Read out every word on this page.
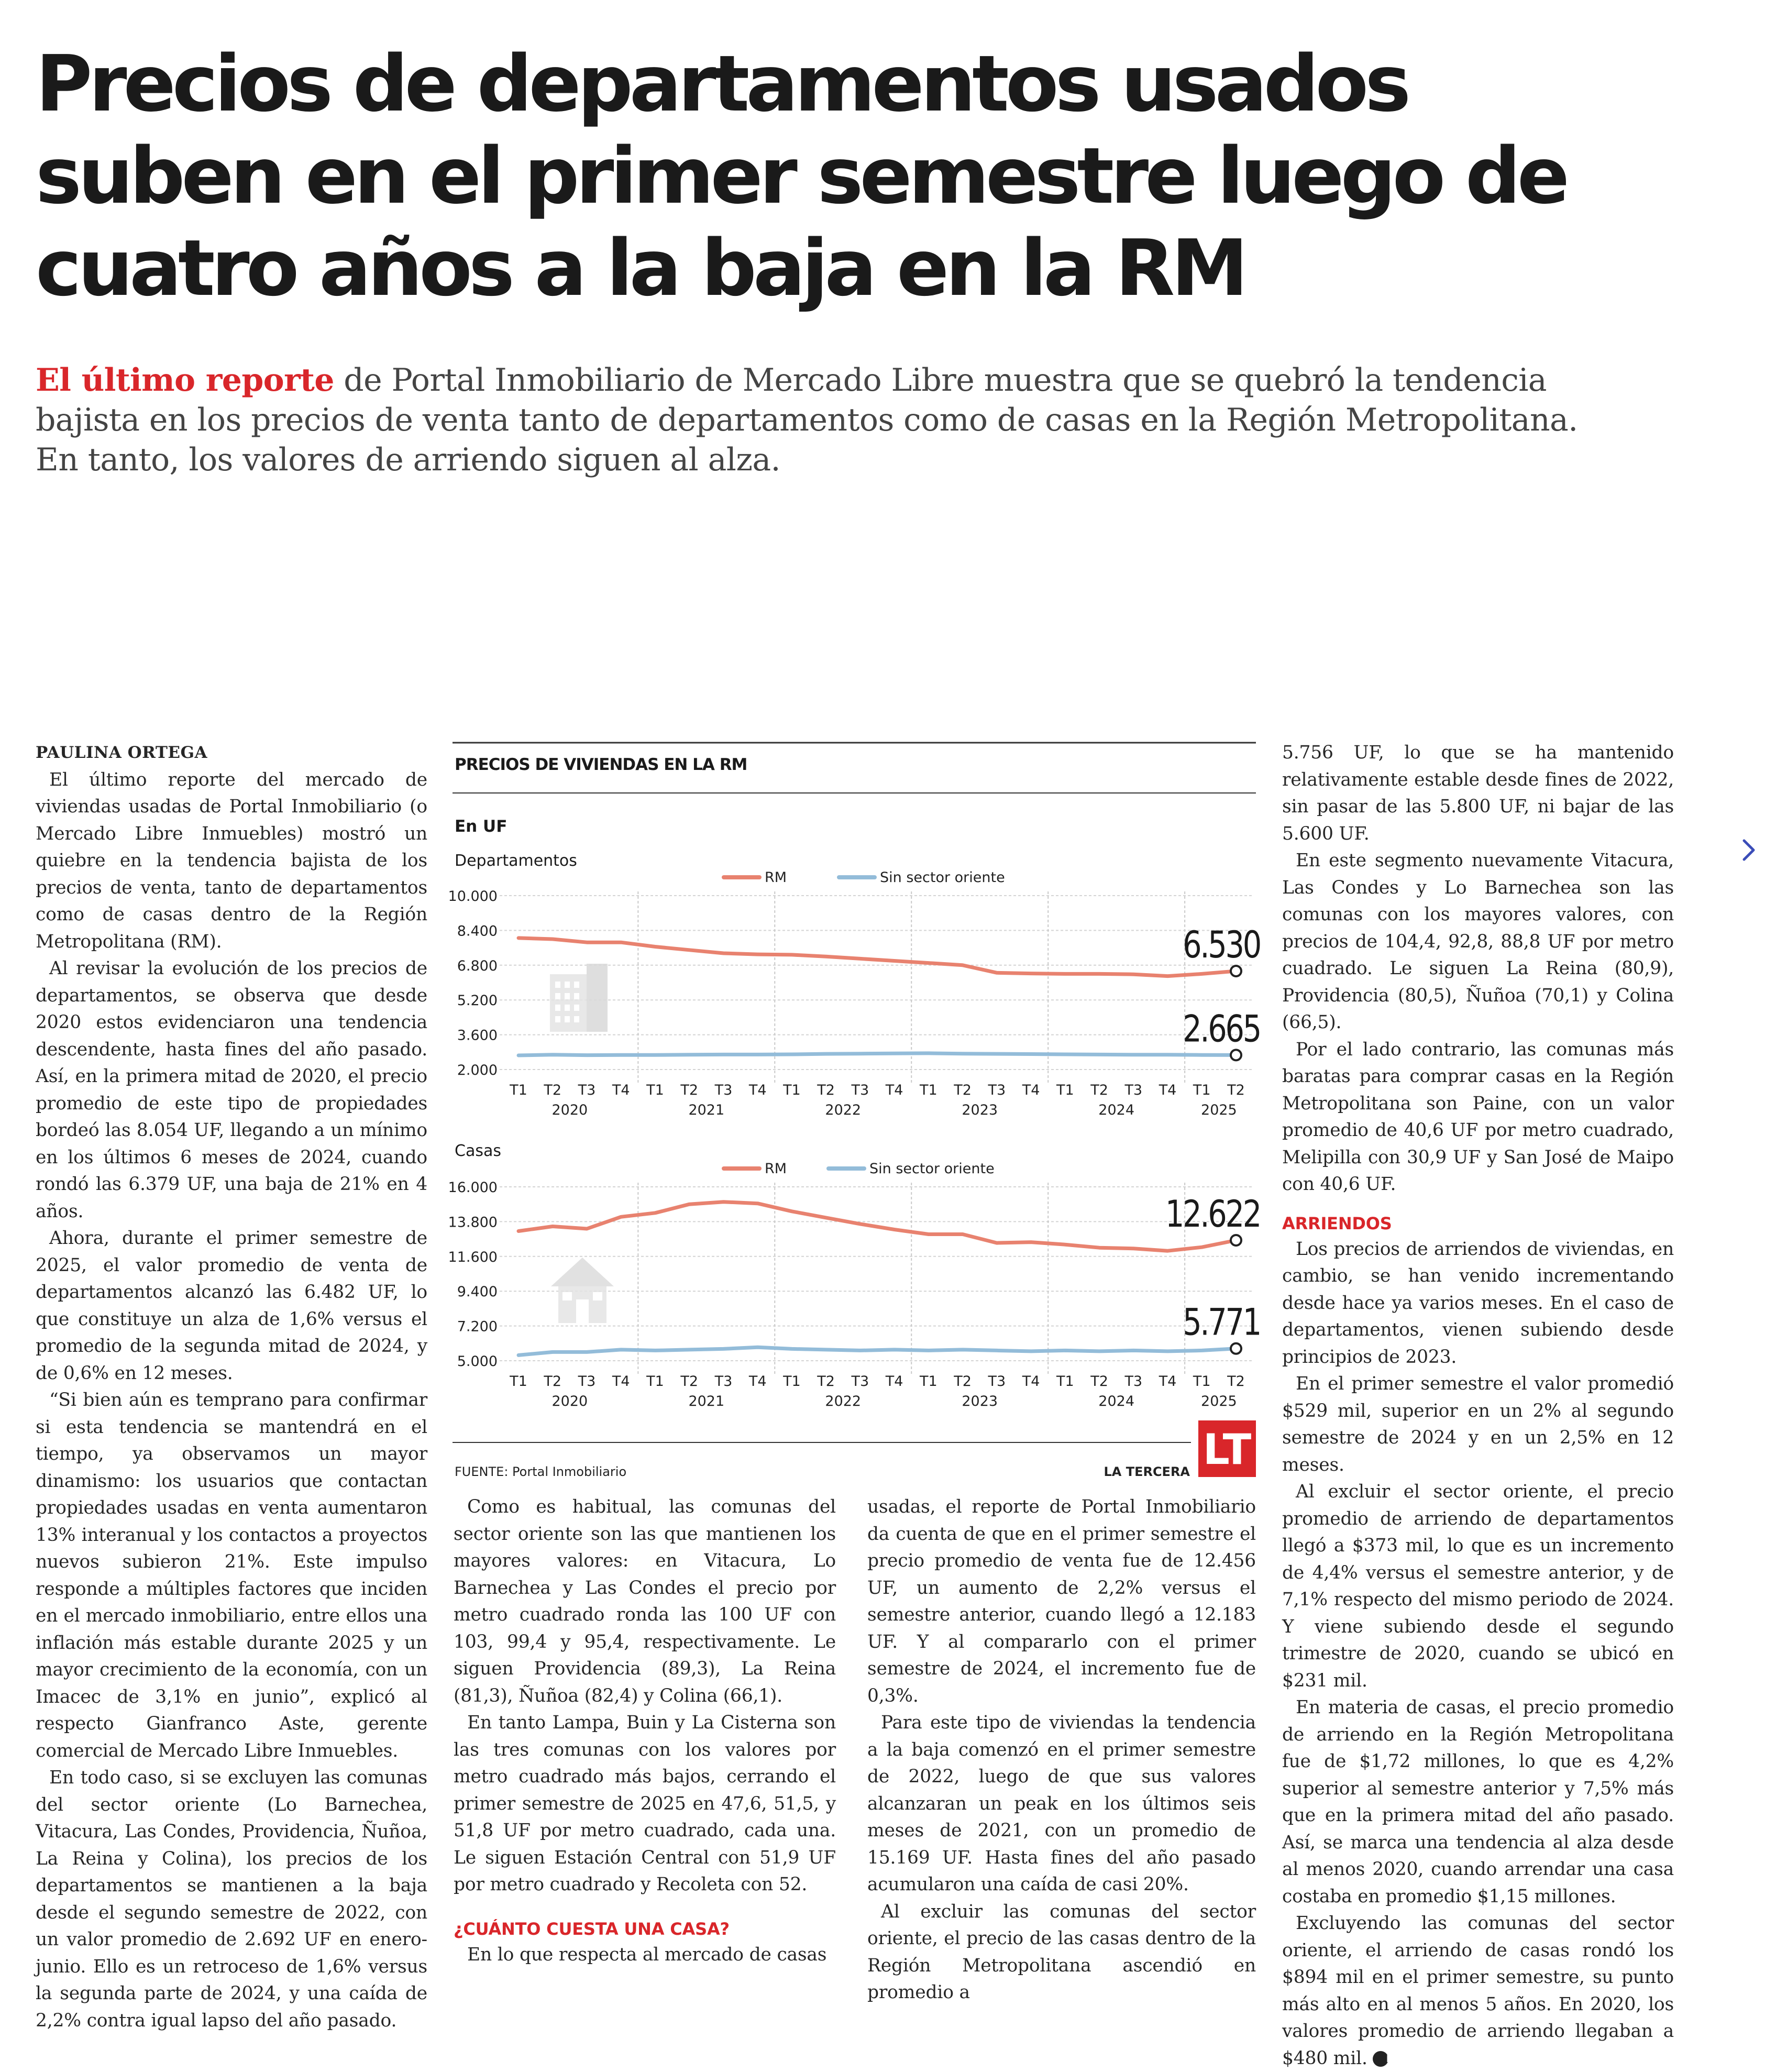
Precios de departamentos usados suben en el primer semestre luego de cuatro años a la baja en la RM
El último reporte de Portal Inmobiliario de Mercado Libre muestra que se quebró la tendencia bajista en los precios de venta tanto de departamentos como de casas en la Región Metropolitana. En tanto, los valores de arriendo siguen al alza.

PAULINA ORTEGA

El último reporte del mercado de viviendas usadas de Portal Inmobiliario (o Mercado Libre Inmuebles) mostró un quiebre en la tendencia bajista de los precios de venta, tanto de departamentos como de casas dentro de la Región Metropolitana (RM).

Al revisar la evolución de los precios de departamentos, se observa que desde 2020 estos evidenciaron una tendencia descendente, hasta fines del año pasado. Así, en la primera mitad de 2020, el precio promedio de este tipo de propiedades bordeó las 8.054 UF, llegando a un mínimo en los últimos 6 meses de 2024, cuando rondó las 6.379 UF, una baja de 21% en 4 años.

Ahora, durante el primer semestre de 2025, el valor promedio de venta de departamentos alcanzó las 6.482 UF, lo que constituye un alza de 1,6% versus el promedio de la segunda mitad de 2024, y de 0,6% en 12 meses.

“Si bien aún es temprano para confirmar si esta tendencia se mantendrá en el tiempo, ya observamos un mayor dinamismo: los usuarios que contactan propiedades usadas en venta aumentaron 13% interanual y los contactos a proyectos nuevos subieron 21%. Este impulso responde a múltiples factores que inciden en el mercado inmobiliario, entre ellos una inflación más estable durante 2025 y un mayor crecimiento de la economía, con un Imacec de 3,1% en junio”, explicó al respecto Gianfranco Aste, gerente comercial de Mercado Libre Inmuebles.

En todo caso, si se excluyen las comunas del sector oriente (Lo Barnechea, Vitacura, Las Condes, Providencia, Ñuñoa, La Reina y Colina), los precios de los departamentos se mantienen a la baja desde el segundo semestre de 2022, con un valor promedio de 2.692 UF en enero-junio. Ello es un retroceso de 1,6% versus la segunda parte de 2024, y una caída de 2,2% contra igual lapso del año pasado.

PRECIOS DE VIVIENDAS EN LA RM
En UF
Departamentos
RM	Sin sector oriente
10.000
8.400
6.800
5.200
3.600
2.000
T1 T2 T3 T4 T1 T2 T3 T4 T1 T2 T3 T4 T1 T2 T3 T4 T1 T2 T3 T4 T1 T2
2020	2021	2022	2023	2024	2025
6.530
2.665
Casas
RM	Sin sector oriente
16.000
13.800
11.600
9.400
7.200
5.000
T1 T2 T3 T4 T1 T2 T3 T4 T1 T2 T3 T4 T1 T2 T3 T4 T1 T2 T3 T4 T1 T2
2020	2021	2022	2023	2024	2025
12.622
5.771
FUENTE: Portal Inmobiliario	LA TERCERA LT

Como es habitual, las comunas del sector oriente son las que mantienen los mayores valores: en Vitacura, Lo Barnechea y Las Condes el precio por metro cuadrado ronda las 100 UF con 103, 99,4 y 95,4, respectivamente. Le siguen Providencia (89,3), La Reina (81,3), Ñuñoa (82,4) y Colina (66,1).

En tanto Lampa, Buin y La Cisterna son las tres comunas con los valores por metro cuadrado más bajos, cerrando el primer semestre de 2025 en 47,6, 51,5, y 51,8 UF por metro cuadrado, cada una. Le siguen Estación Central con 51,9 UF por metro cuadrado y Recoleta con 52.

¿CUÁNTO CUESTA UNA CASA?

En lo que respecta al mercado de casas

usadas, el reporte de Portal Inmobiliario da cuenta de que en el primer semestre el precio promedio de venta fue de 12.456 UF, un aumento de 2,2% versus el semestre anterior, cuando llegó a 12.183 UF. Y al compararlo con el primer semestre de 2024, el incremento fue de 0,3%.

Para este tipo de viviendas la tendencia a la baja comenzó en el primer semestre de 2022, luego de que sus valores alcanzaran un peak en los últimos seis meses de 2021, con un promedio de 15.169 UF. Hasta fines del año pasado acumularon una caída de casi 20%.

Al excluir las comunas del sector oriente, el precio de las casas dentro de la Región Metropolitana ascendió en promedio a

5.756 UF, lo que se ha mantenido relativamente estable desde fines de 2022, sin pasar de las 5.800 UF, ni bajar de las 5.600 UF.

En este segmento nuevamente Vitacura, Las Condes y Lo Barnechea son las comunas con los mayores valores, con precios de 104,4, 92,8, 88,8 UF por metro cuadrado. Le siguen La Reina (80,9), Providencia (80,5), Ñuñoa (70,1) y Colina (66,5).

Por el lado contrario, las comunas más baratas para comprar casas en la Región Metropolitana son Paine, con un valor promedio de 40,6 UF por metro cuadrado, Melipilla con 30,9 UF y San José de Maipo con 40,6 UF.

ARRIENDOS

Los precios de arriendos de viviendas, en cambio, se han venido incrementando desde hace ya varios meses. En el caso de departamentos, vienen subiendo desde principios de 2023.

En el primer semestre el valor promedió $529 mil, superior en un 2% al segundo semestre de 2024 y en un 2,5% en 12 meses.

Al excluir el sector oriente, el precio promedio de arriendo de departamentos llegó a $373 mil, lo que es un incremento de 4,4% versus el semestre anterior, y de 7,1% respecto del mismo periodo de 2024. Y viene subiendo desde el segundo trimestre de 2020, cuando se ubicó en $231 mil.

En materia de casas, el precio promedio de arriendo en la Región Metropolitana fue de $1,72 millones, lo que es 4,2% superior al semestre anterior y 7,5% más que en la primera mitad del año pasado. Así, se marca una tendencia al alza desde al menos 2020, cuando arrendar una casa costaba en promedio $1,15 millones.

Excluyendo las comunas del sector oriente, el arriendo de casas rondó los $894 mil en el primer semestre, su punto más alto en al menos 5 años. En 2020, los valores promedio de arriendo llegaban a $480 mil. P
